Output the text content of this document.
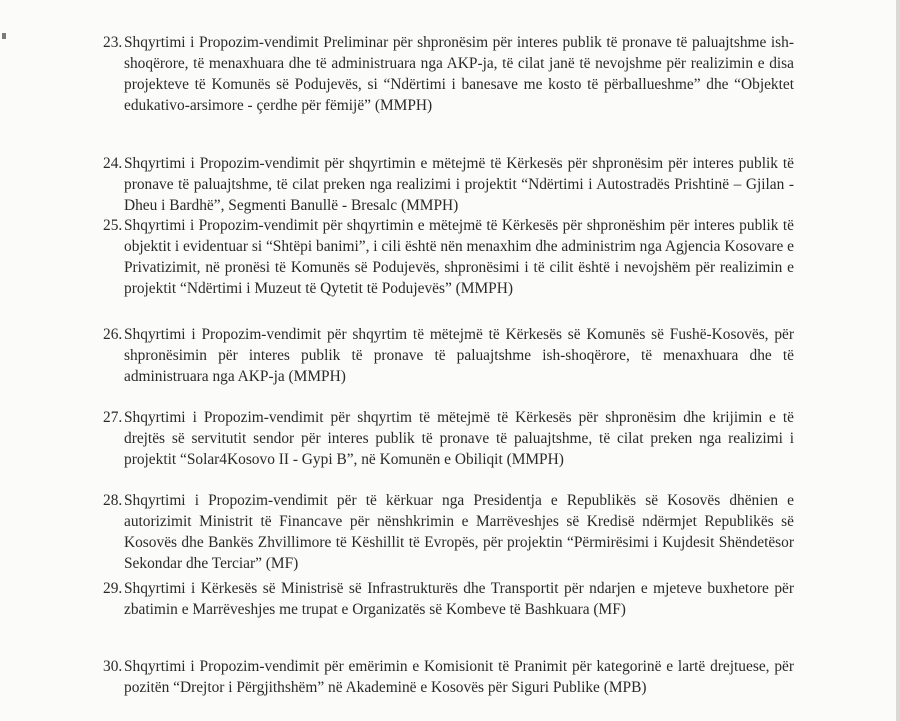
23. Shqyrtimi i Propozim-vendimit Preliminar për shpronësim për interes publik të pronave të paluajtshme ish-shoqërore, të menaxhuara dhe të administruara nga AKP-ja, të cilat janë të nevojshme për realizimin e disa projekteve të Komunës së Podujevës, si “Ndërtimi i banesave me kosto të përballueshme” dhe “Objektet edukativo-arsimore - çerdhe për fëmijë” (MMPH)
24. Shqyrtimi i Propozim-vendimit për shqyrtimin e mëtejmë të Kërkesës për shpronësim për interes publik të pronave të paluajtshme, të cilat preken nga realizimi i projektit “Ndërtimi i Autostradës Prishtinë – Gjilan - Dheu i Bardhë”, Segmenti Banullë - Bresalc (MMPH)
25. Shqyrtimi i Propozim-vendimit për shqyrtimin e mëtejmë të Kërkesës për shpronëshim për interes publik të objektit i evidentuar si “Shtëpi banimi”, i cili është nën menaxhim dhe administrim nga Agjencia Kosovare e Privatizimit, në pronësi të Komunës së Podujevës, shpronësimi i të cilit është i nevojshëm për realizimin e projektit “Ndërtimi i Muzeut të Qytetit të Podujevës” (MMPH)
26. Shqyrtimi i Propozim-vendimit për shqyrtim të mëtejmë të Kërkesës së Komunës së Fushë-Kosovës, për shpronësimin për interes publik të pronave të paluajtshme ish-shoqërore, të menaxhuara dhe të administruara nga AKP-ja (MMPH)
27. Shqyrtimi i Propozim-vendimit për shqyrtim të mëtejmë të Kërkesës për shpronësim dhe krijimin e të drejtës së servitutit sendor për interes publik të pronave të paluajtshme, të cilat preken nga realizimi i projektit “Solar4Kosovo II - Gypi B”, në Komunën e Obiliqit (MMPH)
28. Shqyrtimi i Propozim-vendimit për të kërkuar nga Presidentja e Republikës së Kosovës dhënien e autorizimit Ministrit të Financave për nënshkrimin e Marrëveshjes së Kredisë ndërmjet Republikës së Kosovës dhe Bankës Zhvillimore të Këshillit të Evropës, për projektin “Përmirësimi i Kujdesit Shëndetësor Sekondar dhe Terciar” (MF)
29. Shqyrtimi i Kërkesës së Ministrisë së Infrastrukturës dhe Transportit për ndarjen e mjeteve buxhetore për zbatimin e Marrëveshjes me trupat e Organizatës së Kombeve të Bashkuara (MF)
30. Shqyrtimi i Propozim-vendimit për emërimin e Komisionit të Pranimit për kategorinë e lartë drejtuese, për pozitën “Drejtor i Përgjithshëm” në Akademinë e Kosovës për Siguri Publike (MPB)
